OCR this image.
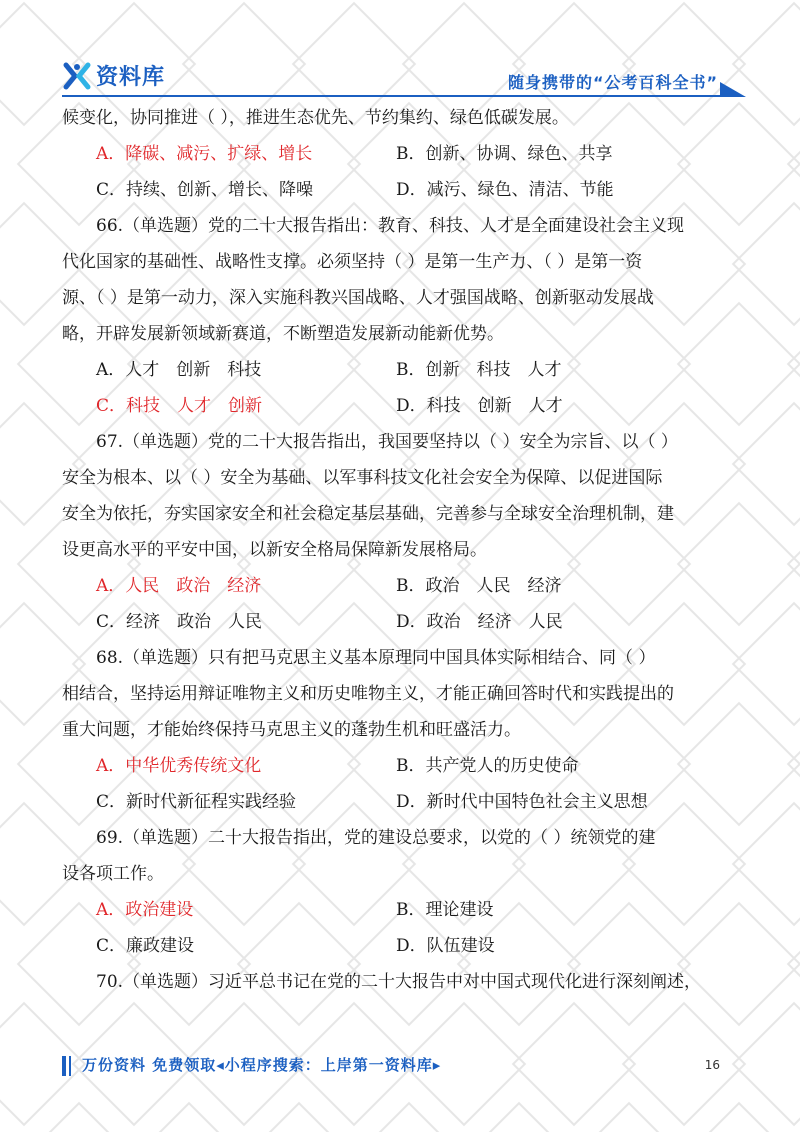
资料库	随身携带的“公考百科全书”
候变化，协同推进（ ），推进生态优先、节约集约、绿色低碳发展。
A．降碳、减污、扩绿、增长	B．创新、协调、绿色、共享
C．持续、创新、增长、降噪	D．减污、绿色、清洁、节能
66.（单选题）党的二十大报告指出：教育、科技、人才是全面建设社会主义现
代化国家的基础性、战略性支撑。必须坚持（ ）是第一生产力、（ ）是第一资
源、（ ）是第一动力，深入实施科教兴国战略、人才强国战略、创新驱动发展战
略，开辟发展新领域新赛道，不断塑造发展新动能新优势。
A．人才　创新　科技	B．创新　科技　人才
C．科技　人才　创新	D．科技　创新　人才
67.（单选题）党的二十大报告指出，我国要坚持以（ ）安全为宗旨、以（ ）
安全为根本、以（ ）安全为基础、以军事科技文化社会安全为保障、以促进国际
安全为依托，夯实国家安全和社会稳定基层基础，完善参与全球安全治理机制，建
设更高水平的平安中国，以新安全格局保障新发展格局。
A．人民　政治　经济	B．政治　人民　经济
C．经济　政治　人民	D．政治　经济　人民
68.（单选题）只有把马克思主义基本原理同中国具体实际相结合、同（ ）
相结合，坚持运用辩证唯物主义和历史唯物主义，才能正确回答时代和实践提出的
重大问题，才能始终保持马克思主义的蓬勃生机和旺盛活力。
A．中华优秀传统文化	B．共产党人的历史使命
C．新时代新征程实践经验	D．新时代中国特色社会主义思想
69.（单选题）二十大报告指出，党的建设总要求，以党的（ ）统领党的建
设各项工作。
A．政治建设	B．理论建设
C．廉政建设	D．队伍建设
70.（单选题）习近平总书记在党的二十大报告中对中国式现代化进行深刻阐述，
万份资料 免费领取◂小程序搜索：上岸第一资料库▸	16
